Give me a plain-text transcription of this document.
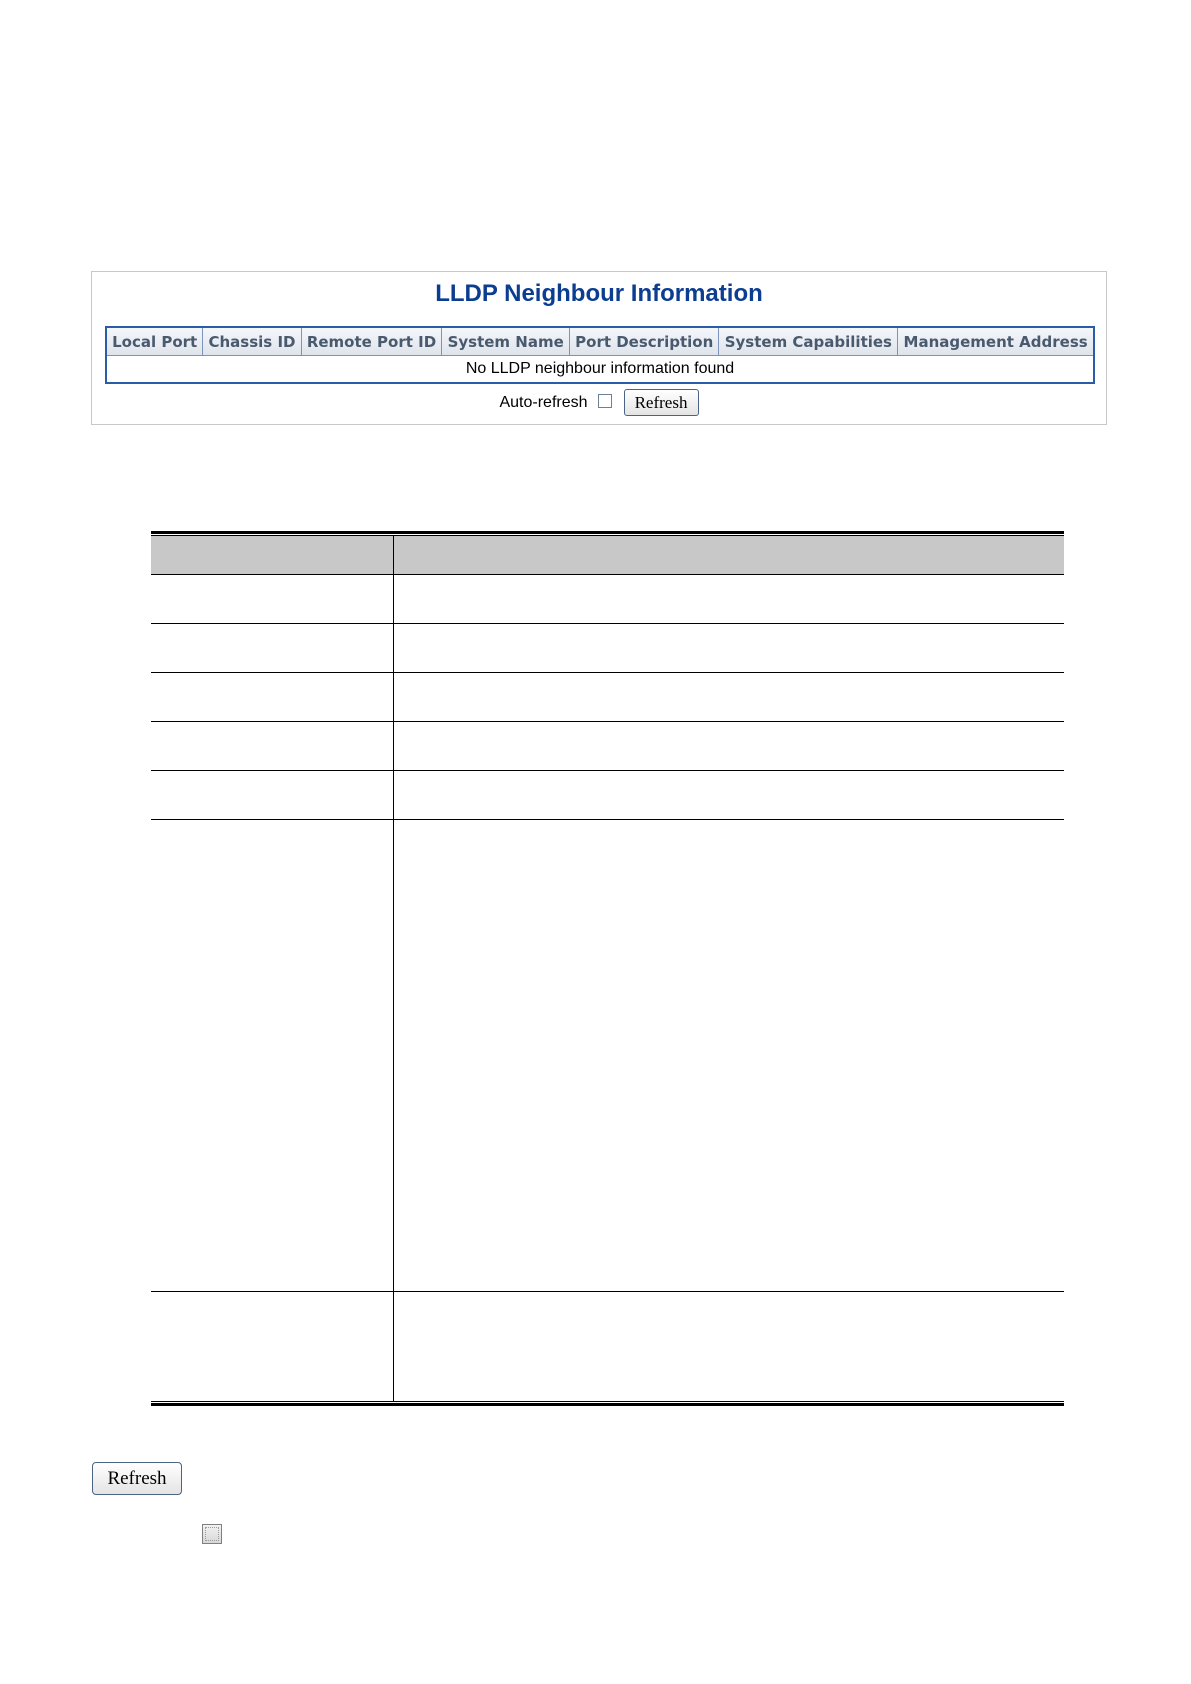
LLDP Neighbour Information
Local Port	Chassis ID	Remote Port ID	System Name	Port Description	System Capabilities	Management Address
No LLDP neighbour information found
Auto-refresh	Refresh
Refresh
